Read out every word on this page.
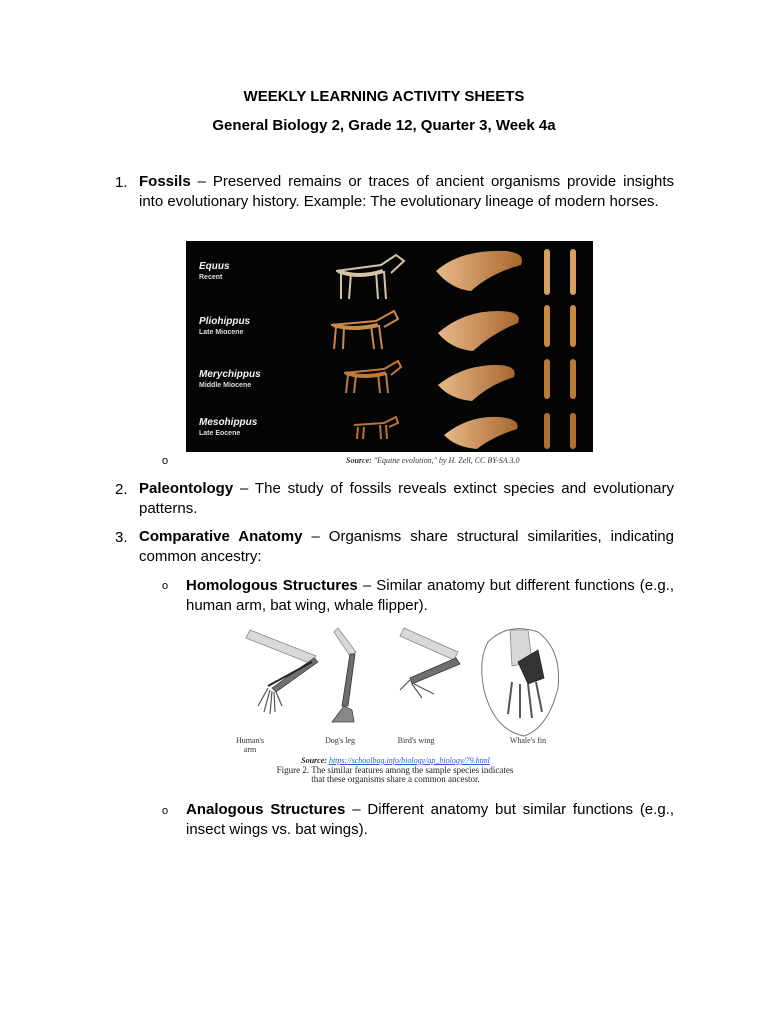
WEEKLY LEARNING ACTIVITY SHEETS
General Biology 2, Grade 12, Quarter 3, Week 4a
1. Fossils – Preserved remains or traces of ancient organisms provide insights into evolutionary history. Example: The evolutionary lineage of modern horses.
Equus
Recent
Pliohippus
Late Miocene
Merychippus
Middle Miocene
Mesohippus
Late Eocene
o	Source: "Equine evolution," by H. Zell, CC BY-SA 3.0
2. Paleontology – The study of fossils reveals extinct species and evolutionary patterns.
3. Comparative Anatomy – Organisms share structural similarities, indicating common ancestry:
o Homologous Structures – Similar anatomy but different functions (e.g., human arm, bat wing, whale flipper).
Human's arm
Dog's leg	Bird's wing	Whale's fin
Source: https://schoolbag.info/biology/ap_biology/79.html
Figure 2. The similar features among the sample species indicates
that these organisms share a common ancestor.
o Analogous Structures – Different anatomy but similar functions (e.g., insect wings vs. bat wings).
